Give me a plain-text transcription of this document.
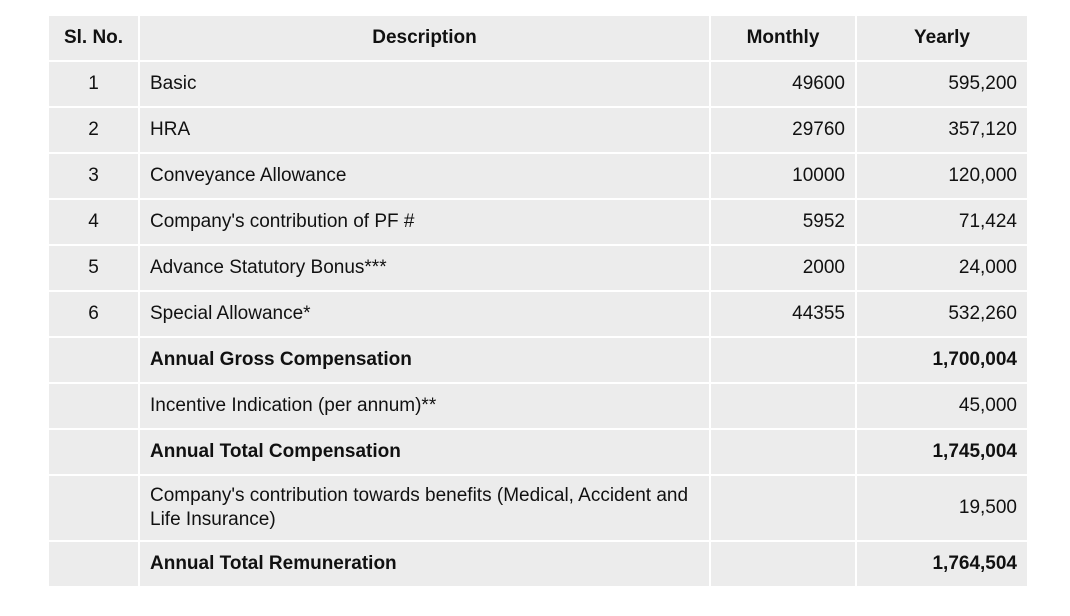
Sl. No.	Description	Monthly	Yearly
1	Basic	49600	595,200
2	HRA	29760	357,120
3	Conveyance Allowance	10000	120,000
4	Company's contribution of PF #	5952	71,424
5	Advance Statutory Bonus***	2000	24,000
6	Special Allowance*	44355	532,260
	Annual Gross Compensation		1,700,004
	Incentive Indication (per annum)**		45,000
	Annual Total Compensation		1,745,004
	Company's contribution towards benefits (Medical, Accident and Life Insurance)		19,500
	Annual Total Remuneration		1,764,504
